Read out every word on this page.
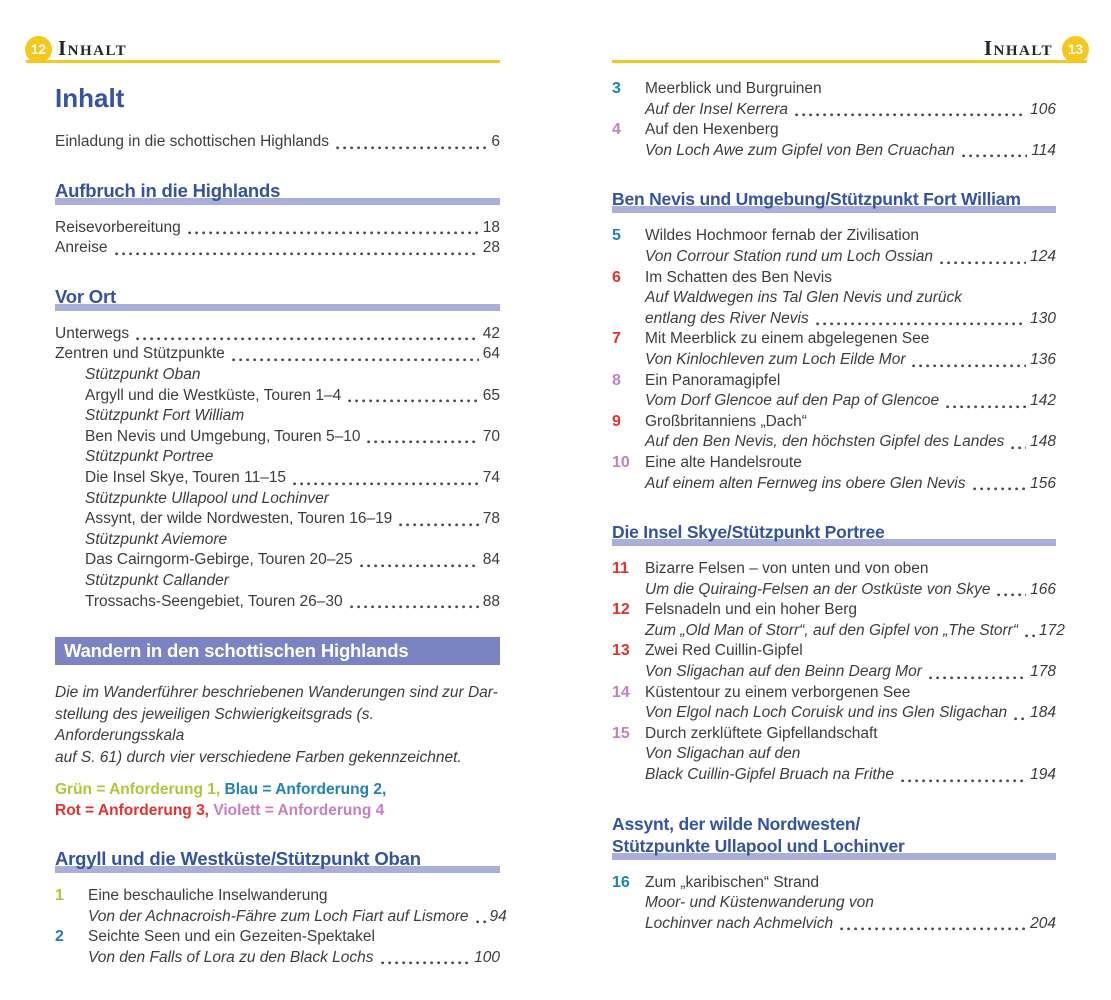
12 Inhalt
Inhalt
Einladung in die schottischen Highlands	6
Aufbruch in die Highlands
Reisevorbereitung	18
Anreise	28
Vor Ort
Unterwegs	42
Zentren und Stützpunkte	64
Stützpunkt Oban
Argyll und die Westküste, Touren 1–4	65
Stützpunkt Fort William
Ben Nevis und Umgebung, Touren 5–10	70
Stützpunkt Portree
Die Insel Skye, Touren 11–15	74
Stützpunkte Ullapool und Lochinver
Assynt, der wilde Nordwesten, Touren 16–19	78
Stützpunkt Aviemore
Das Cairngorm-Gebirge, Touren 20–25	84
Stützpunkt Callander
Trossachs-Seengebiet, Touren 26–30	88
Wandern in den schottischen Highlands
Die im Wanderführer beschriebenen Wanderungen sind zur Dar-
stellung des jeweiligen Schwierigkeitsgrads (s. Anforderungsskala
auf S. 61) durch vier verschiedene Farben gekennzeichnet.
Grün = Anforderung 1, Blau = Anforderung 2,
Rot = Anforderung 3, Violett = Anforderung 4
Argyll und die Westküste/Stützpunkt Oban
1	Eine beschauliche Inselwanderung
Von der Achnacroish-Fähre zum Loch Fiart auf Lismore 94
2	Seichte Seen und ein Gezeiten-Spektakel
Von den Falls of Lora zu den Black Lochs	100
13
Inhalt
3	Meerblick und Burgruinen
Auf der Insel Kerrera	106
4	Auf den Hexenberg
Von Loch Awe zum Gipfel von Ben Cruachan	114
Ben Nevis und Umgebung/Stützpunkt Fort William
5	Wildes Hochmoor fernab der Zivilisation
Von Corrour Station rund um Loch Ossian	124
6	Im Schatten des Ben Nevis
Auf Waldwegen ins Tal Glen Nevis und zurück
entlang des River Nevis	130
7	Mit Meerblick zu einem abgelegenen See
Von Kinlochleven zum Loch Eilde Mor	136
8	Ein Panoramagipfel
Vom Dorf Glencoe auf den Pap of Glencoe	142
9	Großbritanniens „Dach“
Auf den Ben Nevis, den höchsten Gipfel des Landes 148
10 Eine alte Handelsroute
Auf einem alten Fernweg ins obere Glen Nevis	156
Die Insel Skye/Stützpunkt Portree
11	Bizarre Felsen – von unten und von oben
Um die Quiraing-Felsen an der Ostküste von Skye	166
12 Felsnadeln und ein hoher Berg
Zum „Old Man of Storr“, auf den Gipfel von „The Storr“ 172
13 Zwei Red Cuillin-Gipfel
Von Sligachan auf den Beinn Dearg Mor	178
14 Küstentour zu einem verborgenen See
Von Elgol nach Loch Coruisk und ins Glen Sligachan 184
15 Durch zerklüftete Gipfellandschaft
Von Sligachan auf den
Black Cuillin-Gipfel Bruach na Frithe	194
Assynt, der wilde Nordwesten/
Stützpunkte Ullapool und Lochinver
16 Zum „karibischen“ Strand
Moor- und Küstenwanderung von
Lochinver nach Achmelvich	204
